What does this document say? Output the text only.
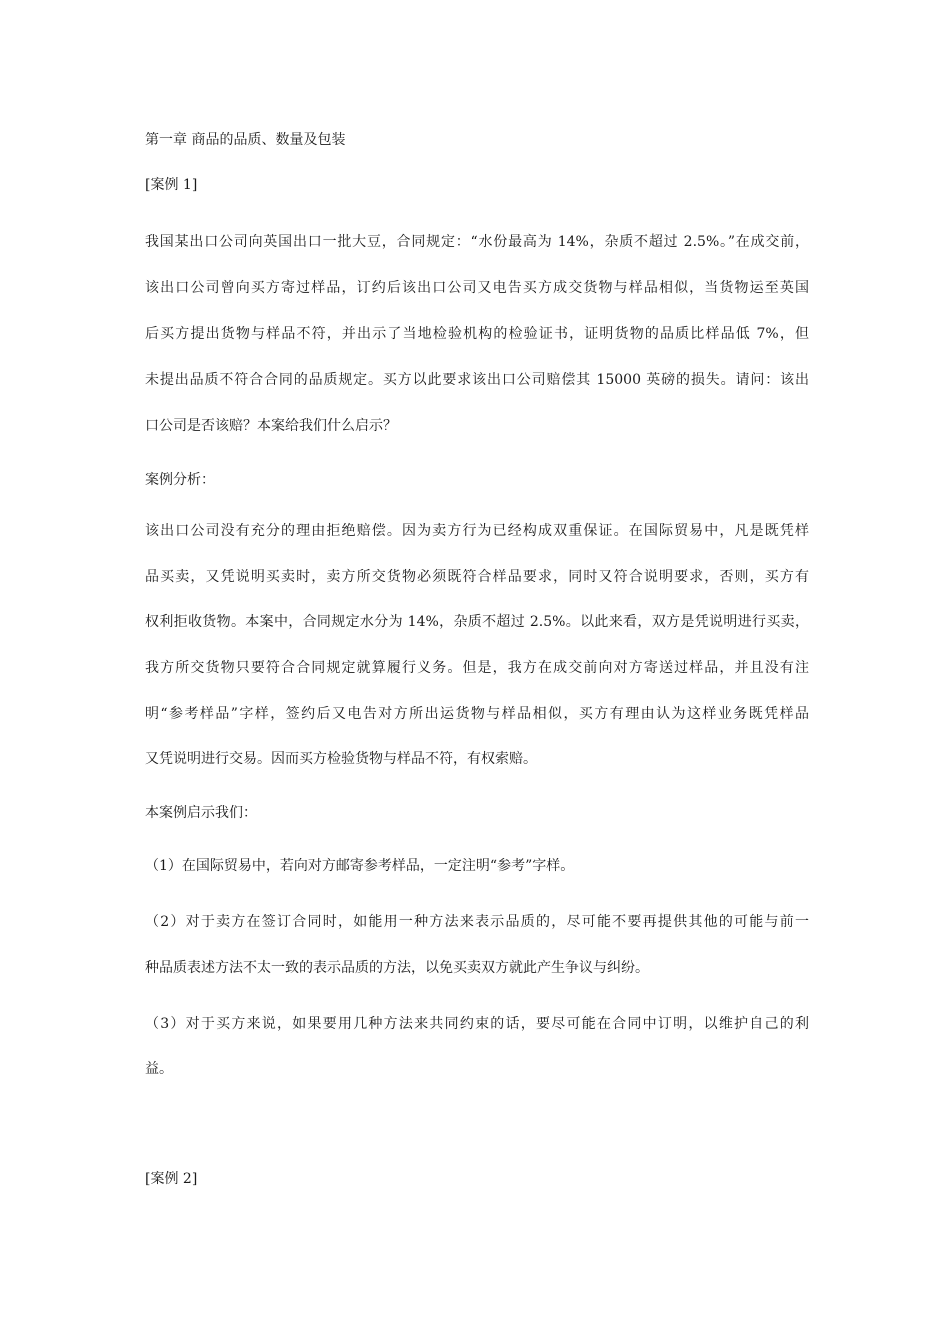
第一章 商品的品质、数量及包装

[案例 1]

我国某出口公司向英国出口一批大豆，合同规定：“水份最高为 14%，杂质不超过 2.5%。”在成交前，

该出口公司曾向买方寄过样品，订约后该出口公司又电告买方成交货物与样品相似，当货物运至英国

后买方提出货物与样品不符，并出示了当地检验机构的检验证书，证明货物的品质比样品低 7%，但

未提出品质不符合合同的品质规定。买方以此要求该出口公司赔偿其 15000 英磅的损失。请问：该出

口公司是否该赔？本案给我们什么启示？

案例分析：

该出口公司没有充分的理由拒绝赔偿。因为卖方行为已经构成双重保证。在国际贸易中，凡是既凭样

品买卖，又凭说明买卖时，卖方所交货物必须既符合样品要求，同时又符合说明要求，否则，买方有

权利拒收货物。本案中，合同规定水分为 14%，杂质不超过 2.5%。以此来看，双方是凭说明进行买卖，

我方所交货物只要符合合同规定就算履行义务。但是，我方在成交前向对方寄送过样品，并且没有注

明“参考样品”字样，签约后又电告对方所出运货物与样品相似，买方有理由认为这样业务既凭样品

又凭说明进行交易。因而买方检验货物与样品不符，有权索赔。

本案例启示我们：

（1）在国际贸易中，若向对方邮寄参考样品，一定注明“参考”字样。

（2）对于卖方在签订合同时，如能用一种方法来表示品质的，尽可能不要再提供其他的可能与前一

种品质表述方法不太一致的表示品质的方法，以免买卖双方就此产生争议与纠纷。

（3）对于买方来说，如果要用几种方法来共同约束的话，要尽可能在合同中订明，以维护自己的利

益。

[案例 2]
